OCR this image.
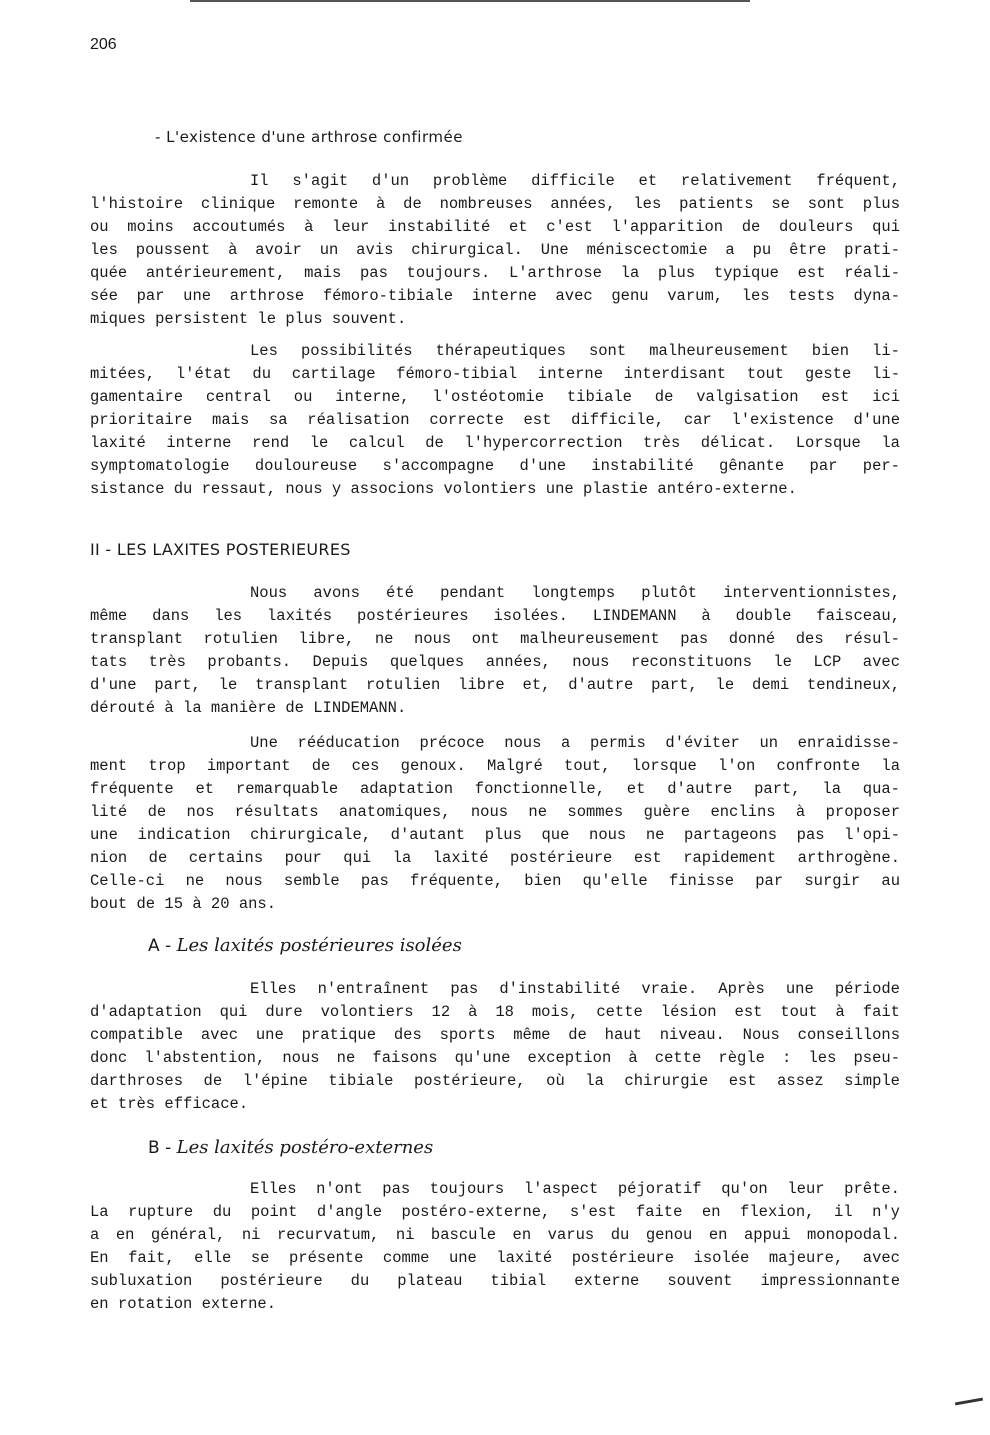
206
- L'existence d'une arthrose confirmée
Il s'agit d'un problème difficile et relativement fréquent,
l'histoire clinique remonte à de nombreuses années, les patients se sont plus
ou moins accoutumés à leur instabilité et c'est l'apparition de douleurs qui
les poussent à avoir un avis chirurgical. Une méniscectomie a pu être prati-
quée antérieurement, mais pas toujours. L'arthrose la plus typique est réali-
sée par une arthrose fémoro-tibiale interne avec genu varum, les tests dyna-
miques persistent le plus souvent.
Les possibilités thérapeutiques sont malheureusement bien li-
mitées, l'état du cartilage fémoro-tibial interne interdisant tout geste li-
gamentaire central ou interne, l'ostéotomie tibiale de valgisation est ici
prioritaire mais sa réalisation correcte est difficile, car l'existence d'une
laxité interne rend le calcul de l'hypercorrection très délicat. Lorsque la
symptomatologie douloureuse s'accompagne d'une instabilité gênante par per-
sistance du ressaut, nous y associons volontiers une plastie antéro-externe.
II - LES LAXITES POSTERIEURES
Nous avons été pendant longtemps plutôt interventionnistes,
même dans les laxités postérieures isolées. LINDEMANN à double faisceau,
transplant rotulien libre, ne nous ont malheureusement pas donné des résul-
tats très probants. Depuis quelques années, nous reconstituons le LCP avec
d'une part, le transplant rotulien libre et, d'autre part, le demi tendineux,
dérouté à la manière de LINDEMANN.
Une rééducation précoce nous a permis d'éviter un enraidisse-
ment trop important de ces genoux. Malgré tout, lorsque l'on confronte la
fréquente et remarquable adaptation fonctionnelle, et d'autre part, la qua-
lité de nos résultats anatomiques, nous ne sommes guère enclins à proposer
une indication chirurgicale, d'autant plus que nous ne partageons pas l'opi-
nion de certains pour qui la laxité postérieure est rapidement arthrogène.
Celle-ci ne nous semble pas fréquente, bien qu'elle finisse par surgir au
bout de 15 à 20 ans.
A - Les laxités postérieures isolées
Elles n'entraînent pas d'instabilité vraie. Après une période
d'adaptation qui dure volontiers 12 à 18 mois, cette lésion est tout à fait
compatible avec une pratique des sports même de haut niveau. Nous conseillons
donc l'abstention, nous ne faisons qu'une exception à cette règle : les pseu-
darthroses de l'épine tibiale postérieure, où la chirurgie est assez simple
et très efficace.
B - Les laxités postéro-externes
Elles n'ont pas toujours l'aspect péjoratif qu'on leur prête.
La rupture du point d'angle postéro-externe, s'est faite en flexion, il n'y
a en général, ni recurvatum, ni bascule en varus du genou en appui monopodal.
En fait, elle se présente comme une laxité postérieure isolée majeure, avec
subluxation postérieure du plateau tibial externe souvent impressionnante
en rotation externe.
